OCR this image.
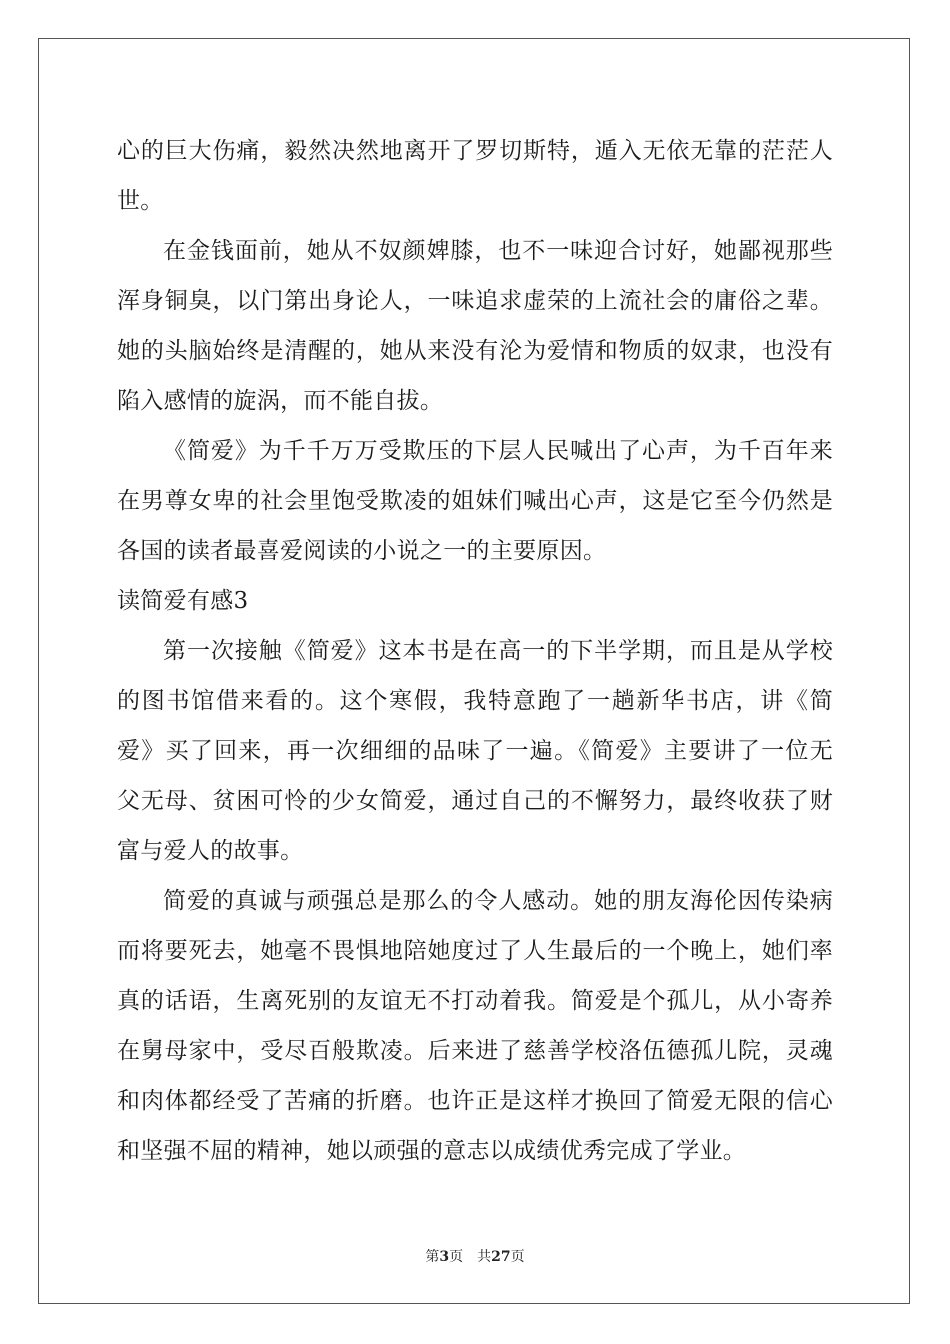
心的巨大伤痛，毅然决然地离开了罗切斯特，遁入无依无靠的茫茫人
世。
在金钱面前，她从不奴颜婢膝，也不一味迎合讨好，她鄙视那些
浑身铜臭，以门第出身论人，一味追求虚荣的上流社会的庸俗之辈。
她的头脑始终是清醒的，她从来没有沦为爱情和物质的奴隶，也没有
陷入感情的旋涡，而不能自拔。
《简爱》为千千万万受欺压的下层人民喊出了心声，为千百年来
在男尊女卑的社会里饱受欺凌的姐妹们喊出心声，这是它至今仍然是
各国的读者最喜爱阅读的小说之一的主要原因。
读简爱有感3
第一次接触《简爱》这本书是在高一的下半学期，而且是从学校
的图书馆借来看的。这个寒假，我特意跑了一趟新华书店，讲《简
爱》买了回来，再一次细细的品味了一遍。《简爱》主要讲了一位无
父无母、贫困可怜的少女简爱，通过自己的不懈努力，最终收获了财
富与爱人的故事。
简爱的真诚与顽强总是那么的令人感动。她的朋友海伦因传染病
而将要死去，她毫不畏惧地陪她度过了人生最后的一个晚上，她们率
真的话语，生离死别的友谊无不打动着我。简爱是个孤儿，从小寄养
在舅母家中，受尽百般欺凌。后来进了慈善学校洛伍德孤儿院，灵魂
和肉体都经受了苦痛的折磨。也许正是这样才换回了简爱无限的信心
和坚强不屈的精神，她以顽强的意志以成绩优秀完成了学业。
第3页 共27页
